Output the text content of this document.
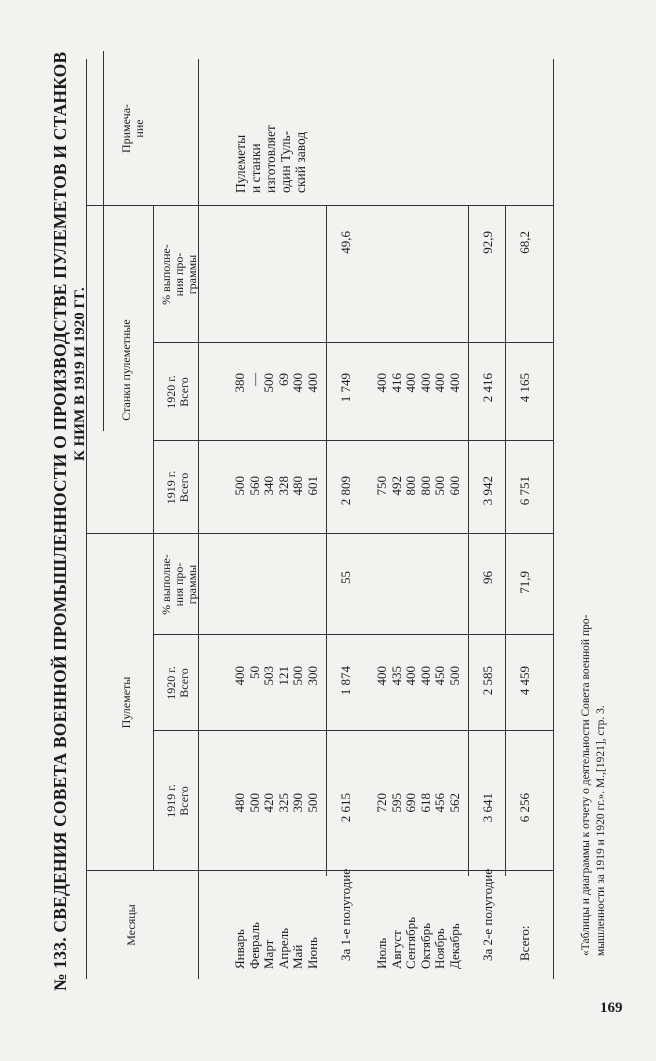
№ 133. СВЕДЕНИЯ СОВЕТА ВОЕННОЙ ПРОМЫШЛЕННОСТИ О ПРОИЗВОДСТВЕ ПУЛЕМЕТОВ И СТАНКОВ К НИМ В 1919 И 1920 ГГ.
Месяцы
Пулеметы
Станки пулеметные
1919 г. Всего
1920 г. Всего
% выполне- ния про- граммы
1919 г. Всего
1920 г. Всего
% выполне- ния про- граммы
Примеча- ние
Январь Февраль Март Апрель Май Июнь	Июль Август Сентябрь Октябрь Ноябрь Декабрь
480 500 420 325 390 500
400 50 503 121 500 300
500 560 340 328 480 601
380 — 500 69 400 400
За 1-е полугодие
2 615
1 874
55
2 809
1 749
49,6
720 595 690 618 456 562
400 435 400 400 450 500
750 492 800 800 500 600
400 416 400 400 400 400
За 2-е полугодие
3 641
2 585
96
3 942
2 416
92,9
Всего:
6 256
4 459
71,9
6 751
4 165
68,2
Пулеметы и станки изготовляет один Туль- ский завод
«Таблицы и диаграммы к отчету о деятельности Совета военной про- мышленности за 1919 и 1920 гг.». М.,[1921], стр. 3.
169
